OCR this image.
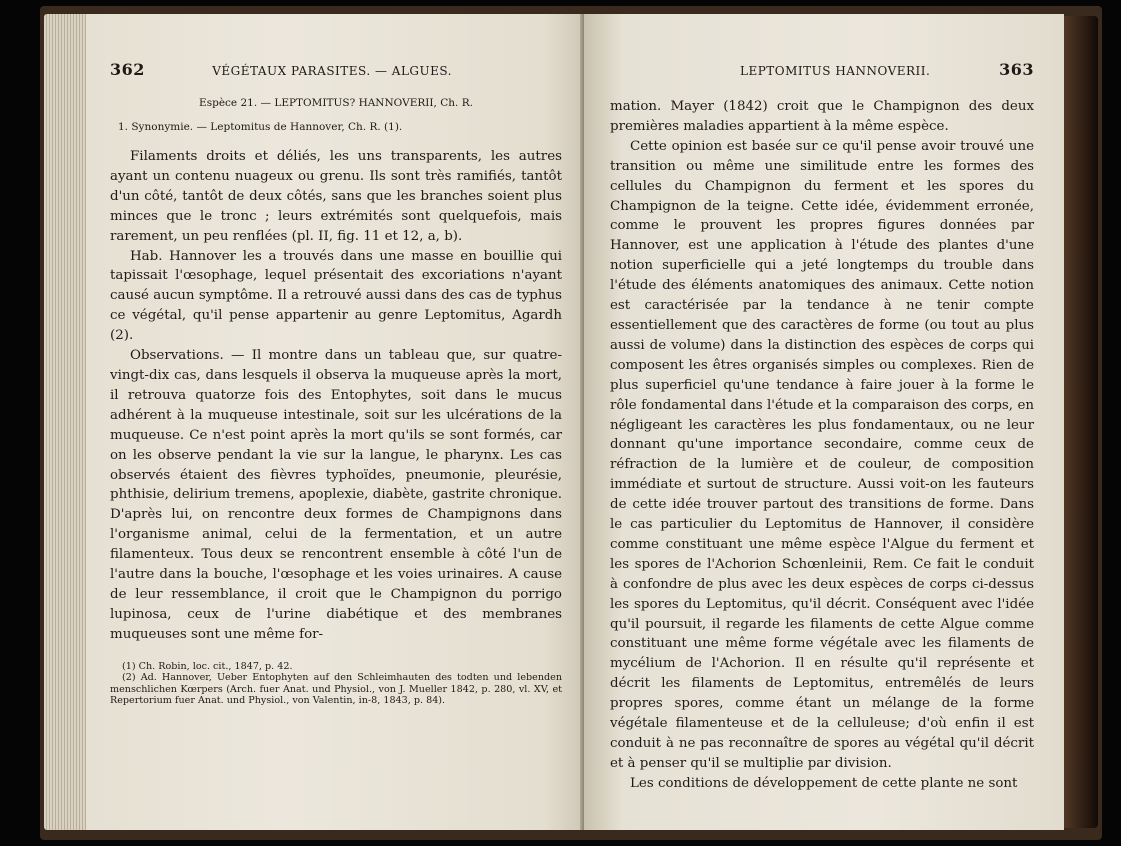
362	VÉGÉTAUX PARASITES. — ALGUES.
Espèce 21. — LEPTOMITUS? HANNOVERII, Ch. R.
1. Synonymie. — Leptomitus de Hannover, Ch. R. (1).

Filaments droits et déliés, les uns transparents, les autres ayant un contenu nuageux ou grenu. Ils sont très ramifiés, tantôt d'un côté, tantôt de deux côtés, sans que les branches soient plus minces que le tronc ; leurs extrémités sont quelquefois, mais rarement, un peu renflées (pl. II, fig. 11 et 12, a, b).

Hab. Hannover les a trouvés dans une masse en bouillie qui tapissait l'œsophage, lequel présentait des excoriations n'ayant causé aucun symptôme. Il a retrouvé aussi dans des cas de typhus ce végétal, qu'il pense appartenir au genre Leptomitus, Agardh (2).

Observations. — Il montre dans un tableau que, sur quatre-vingt-dix cas, dans lesquels il observa la muqueuse après la mort, il retrouva quatorze fois des Entophytes, soit dans le mucus adhérent à la muqueuse intestinale, soit sur les ulcérations de la muqueuse. Ce n'est point après la mort qu'ils se sont formés, car on les observe pendant la vie sur la langue, le pharynx. Les cas observés étaient des fièvres typhoïdes, pneumonie, pleurésie, phthisie, delirium tremens, apoplexie, diabète, gastrite chronique. D'après lui, on rencontre deux formes de Champignons dans l'organisme animal, celui de la fermentation, et un autre filamenteux. Tous deux se rencontrent ensemble à côté l'un de l'autre dans la bouche, l'œsophage et les voies urinaires. A cause de leur ressemblance, il croit que le Champignon du porrigo lupinosa, ceux de l'urine diabétique et des membranes muqueuses sont une même for-

(1) Ch. Robin, loc. cit., 1847, p. 42.
(2) Ad. Hannover, Ueber Entophyten auf den Schleimhauten des todten und lebenden menschlichen Kœrpers (Arch. fuer Anat. und Physiol., von J. Mueller 1842, p. 280, vl. XV, et Repertorium fuer Anat. und Physiol., von Valentin, in-8, 1843, p. 84).
LEPTOMITUS HANNOVERII.	363

mation. Mayer (1842) croit que le Champignon des deux premières maladies appartient à la même espèce.

Cette opinion est basée sur ce qu'il pense avoir trouvé une transition ou même une similitude entre les formes des cellules du Champignon du ferment et les spores du Champignon de la teigne. Cette idée, évidemment erronée, comme le prouvent les propres figures données par Hannover, est une application à l'étude des plantes d'une notion superficielle qui a jeté longtemps du trouble dans l'étude des éléments anatomiques des animaux. Cette notion est caractérisée par la tendance à ne tenir compte essentiellement que des caractères de forme (ou tout au plus aussi de volume) dans la distinction des espèces de corps qui composent les êtres organisés simples ou complexes. Rien de plus superficiel qu'une tendance à faire jouer à la forme le rôle fondamental dans l'étude et la comparaison des corps, en négligeant les caractères les plus fondamentaux, ou ne leur donnant qu'une importance secondaire, comme ceux de réfraction de la lumière et de couleur, de composition immédiate et surtout de structure. Aussi voit-on les fauteurs de cette idée trouver partout des transitions de forme. Dans le cas particulier du Leptomitus de Hannover, il considère comme constituant une même espèce l'Algue du ferment et les spores de l'Achorion Schœnleinii, Rem. Ce fait le conduit à confondre de plus avec les deux espèces de corps ci-dessus les spores du Leptomitus, qu'il décrit. Conséquent avec l'idée qu'il poursuit, il regarde les filaments de cette Algue comme constituant une même forme végétale avec les filaments de mycélium de l'Achorion. Il en résulte qu'il représente et décrit les filaments de Leptomitus, entremêlés de leurs propres spores, comme étant un mélange de la forme végétale filamenteuse et de la celluleuse; d'où enfin il est conduit à ne pas reconnaître de spores au végétal qu'il décrit et à penser qu'il se multiplie par division.

Les conditions de développement de cette plante ne sont
